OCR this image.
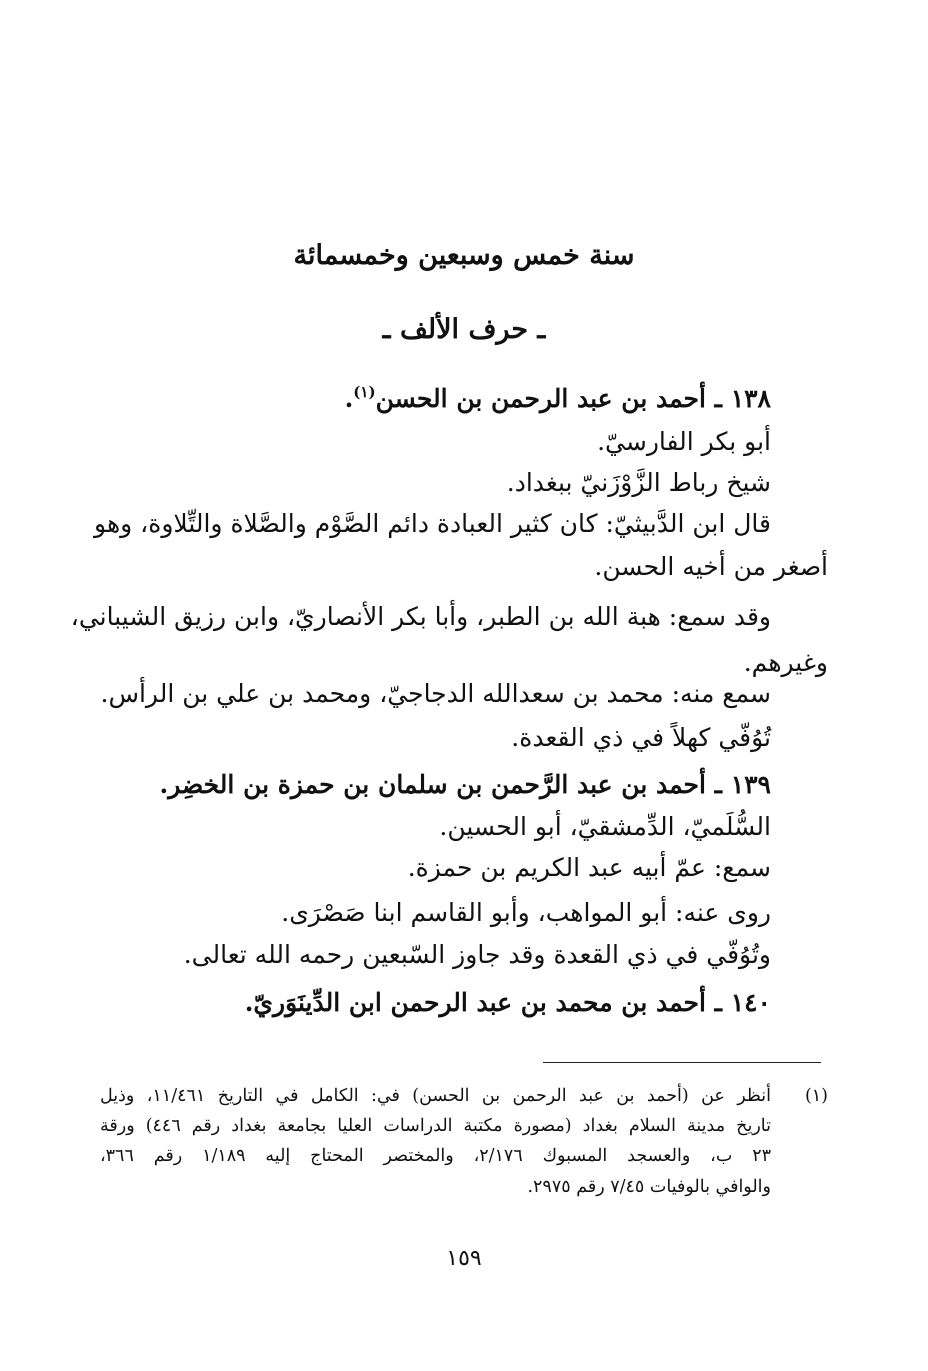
سنة خمس وسبعين وخمسمائة
ـ حرف الألف ـ
١٣٨ ـ أحمد بن عبد الرحمن بن الحسن$^{(١)}$.
أبو بكر الفارسيّ.
شيخ رباط الزَّوْزَنيّ ببغداد.
قال ابن الدَّبيثيّ: كان كثير العبادة دائم الصَّوْم والصَّلاة والتِّلاوة، وهو
أصغر من أخيه الحسن.
وقد سمع: هبة الله بن الطبر، وأبا بكر الأنصاريّ، وابن رزيق الشيباني،
وغيرهم.
سمع منه: محمد بن سعدالله الدجاجيّ، ومحمد بن علي بن الرأس.
تُوُفّي كهلاً في ذي القعدة.
١٣٩ ـ أحمد بن عبد الرَّحمن بن سلمان بن حمزة بن الخضِر.
السُّلَميّ، الدِّمشقيّ، أبو الحسين.
سمع: عمّ أبيه عبد الكريم بن حمزة.
روى عنه: أبو المواهب، وأبو القاسم ابنا صَصْرَى.
وتُوُفّي في ذي القعدة وقد جاوز السّبعين رحمه الله تعالى.
١٤٠ ـ أحمد بن محمد بن عبد الرحمن ابن الدِّينَوَريّ.
(١)
أنظر عن (أحمد بن عبد الرحمن بن الحسن) في: الكامل في التاريخ ١١/٤٦١، وذيل
تاريخ مدينة السلام بغداد (مصورة مكتبة الدراسات العليا بجامعة بغداد رقم ٤٤٦) ورقة
٢٣ ب، والعسجد المسبوك ٢/١٧٦، والمختصر المحتاج إليه ١/١٨٩ رقم ٣٦٦،
والوافي بالوفيات ٧/٤٥ رقم ٢٩٧٥.
١٥٩
